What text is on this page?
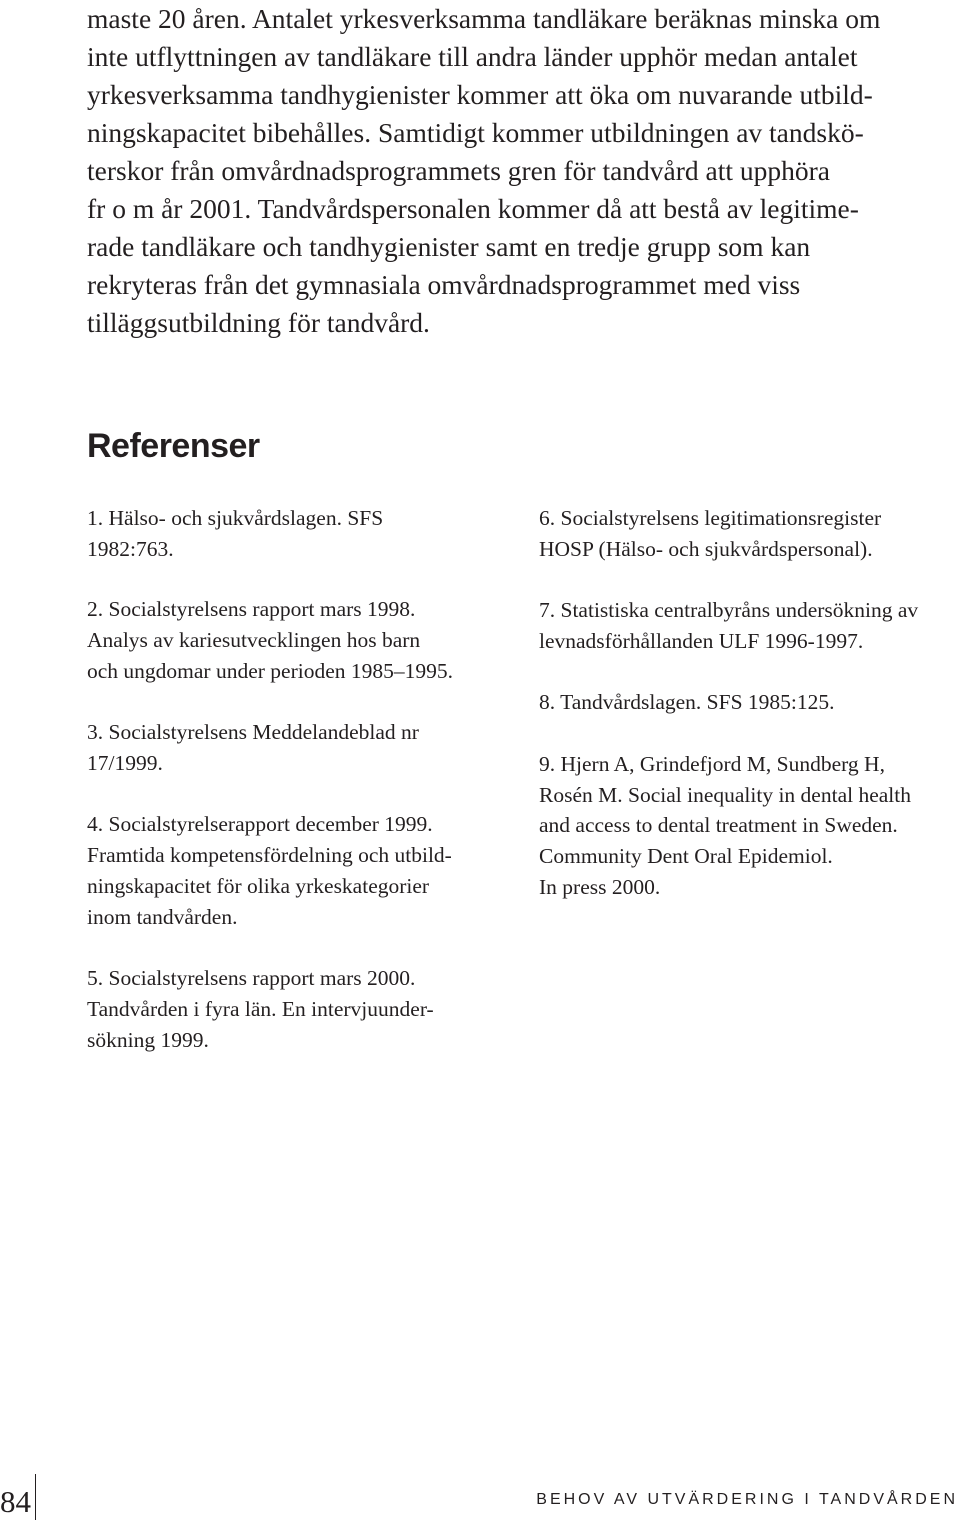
maste 20 åren. Antalet yrkesverksamma tandläkare beräknas minska om
inte utflyttningen av tandläkare till andra länder upphör medan antalet
yrkesverksamma tandhygienister kommer att öka om nuvarande utbild-
ningskapacitet bibehålles. Samtidigt kommer utbildningen av tandskö-
terskor från omvårdnadsprogrammets gren för tandvård att upphöra
fr o m år 2001. Tandvårdspersonalen kommer då att bestå av legitime-
rade tandläkare och tandhygienister samt en tredje grupp som kan
rekryteras från det gymnasiala omvårdnadsprogrammet med viss
tilläggsutbildning för tandvård.
Referenser
1. Hälso- och sjukvårdslagen. SFS
1982:763.
2. Socialstyrelsens rapport mars 1998.
Analys av kariesutvecklingen hos barn
och ungdomar under perioden 1985–1995.
3. Socialstyrelsens Meddelandeblad nr
17/1999.
4. Socialstyrelserapport december 1999.
Framtida kompetensfördelning och utbild-
ningskapacitet för olika yrkeskategorier
inom tandvården.
5. Socialstyrelsens rapport mars 2000.
Tandvården i fyra län. En intervjuunder-
sökning 1999.
6. Socialstyrelsens legitimationsregister
HOSP (Hälso- och sjukvårdspersonal).
7. Statistiska centralbyråns undersökning av
levnadsförhållanden ULF 1996-1997.
8. Tandvårdslagen. SFS 1985:125.
9. Hjern A, Grindefjord M, Sundberg H,
Rosén M. Social inequality in dental health
and access to dental treatment in Sweden.
Community Dent Oral Epidemiol.
In press 2000.
84	BEHOV AV UTVÄRDERING I TANDVÅRDEN
